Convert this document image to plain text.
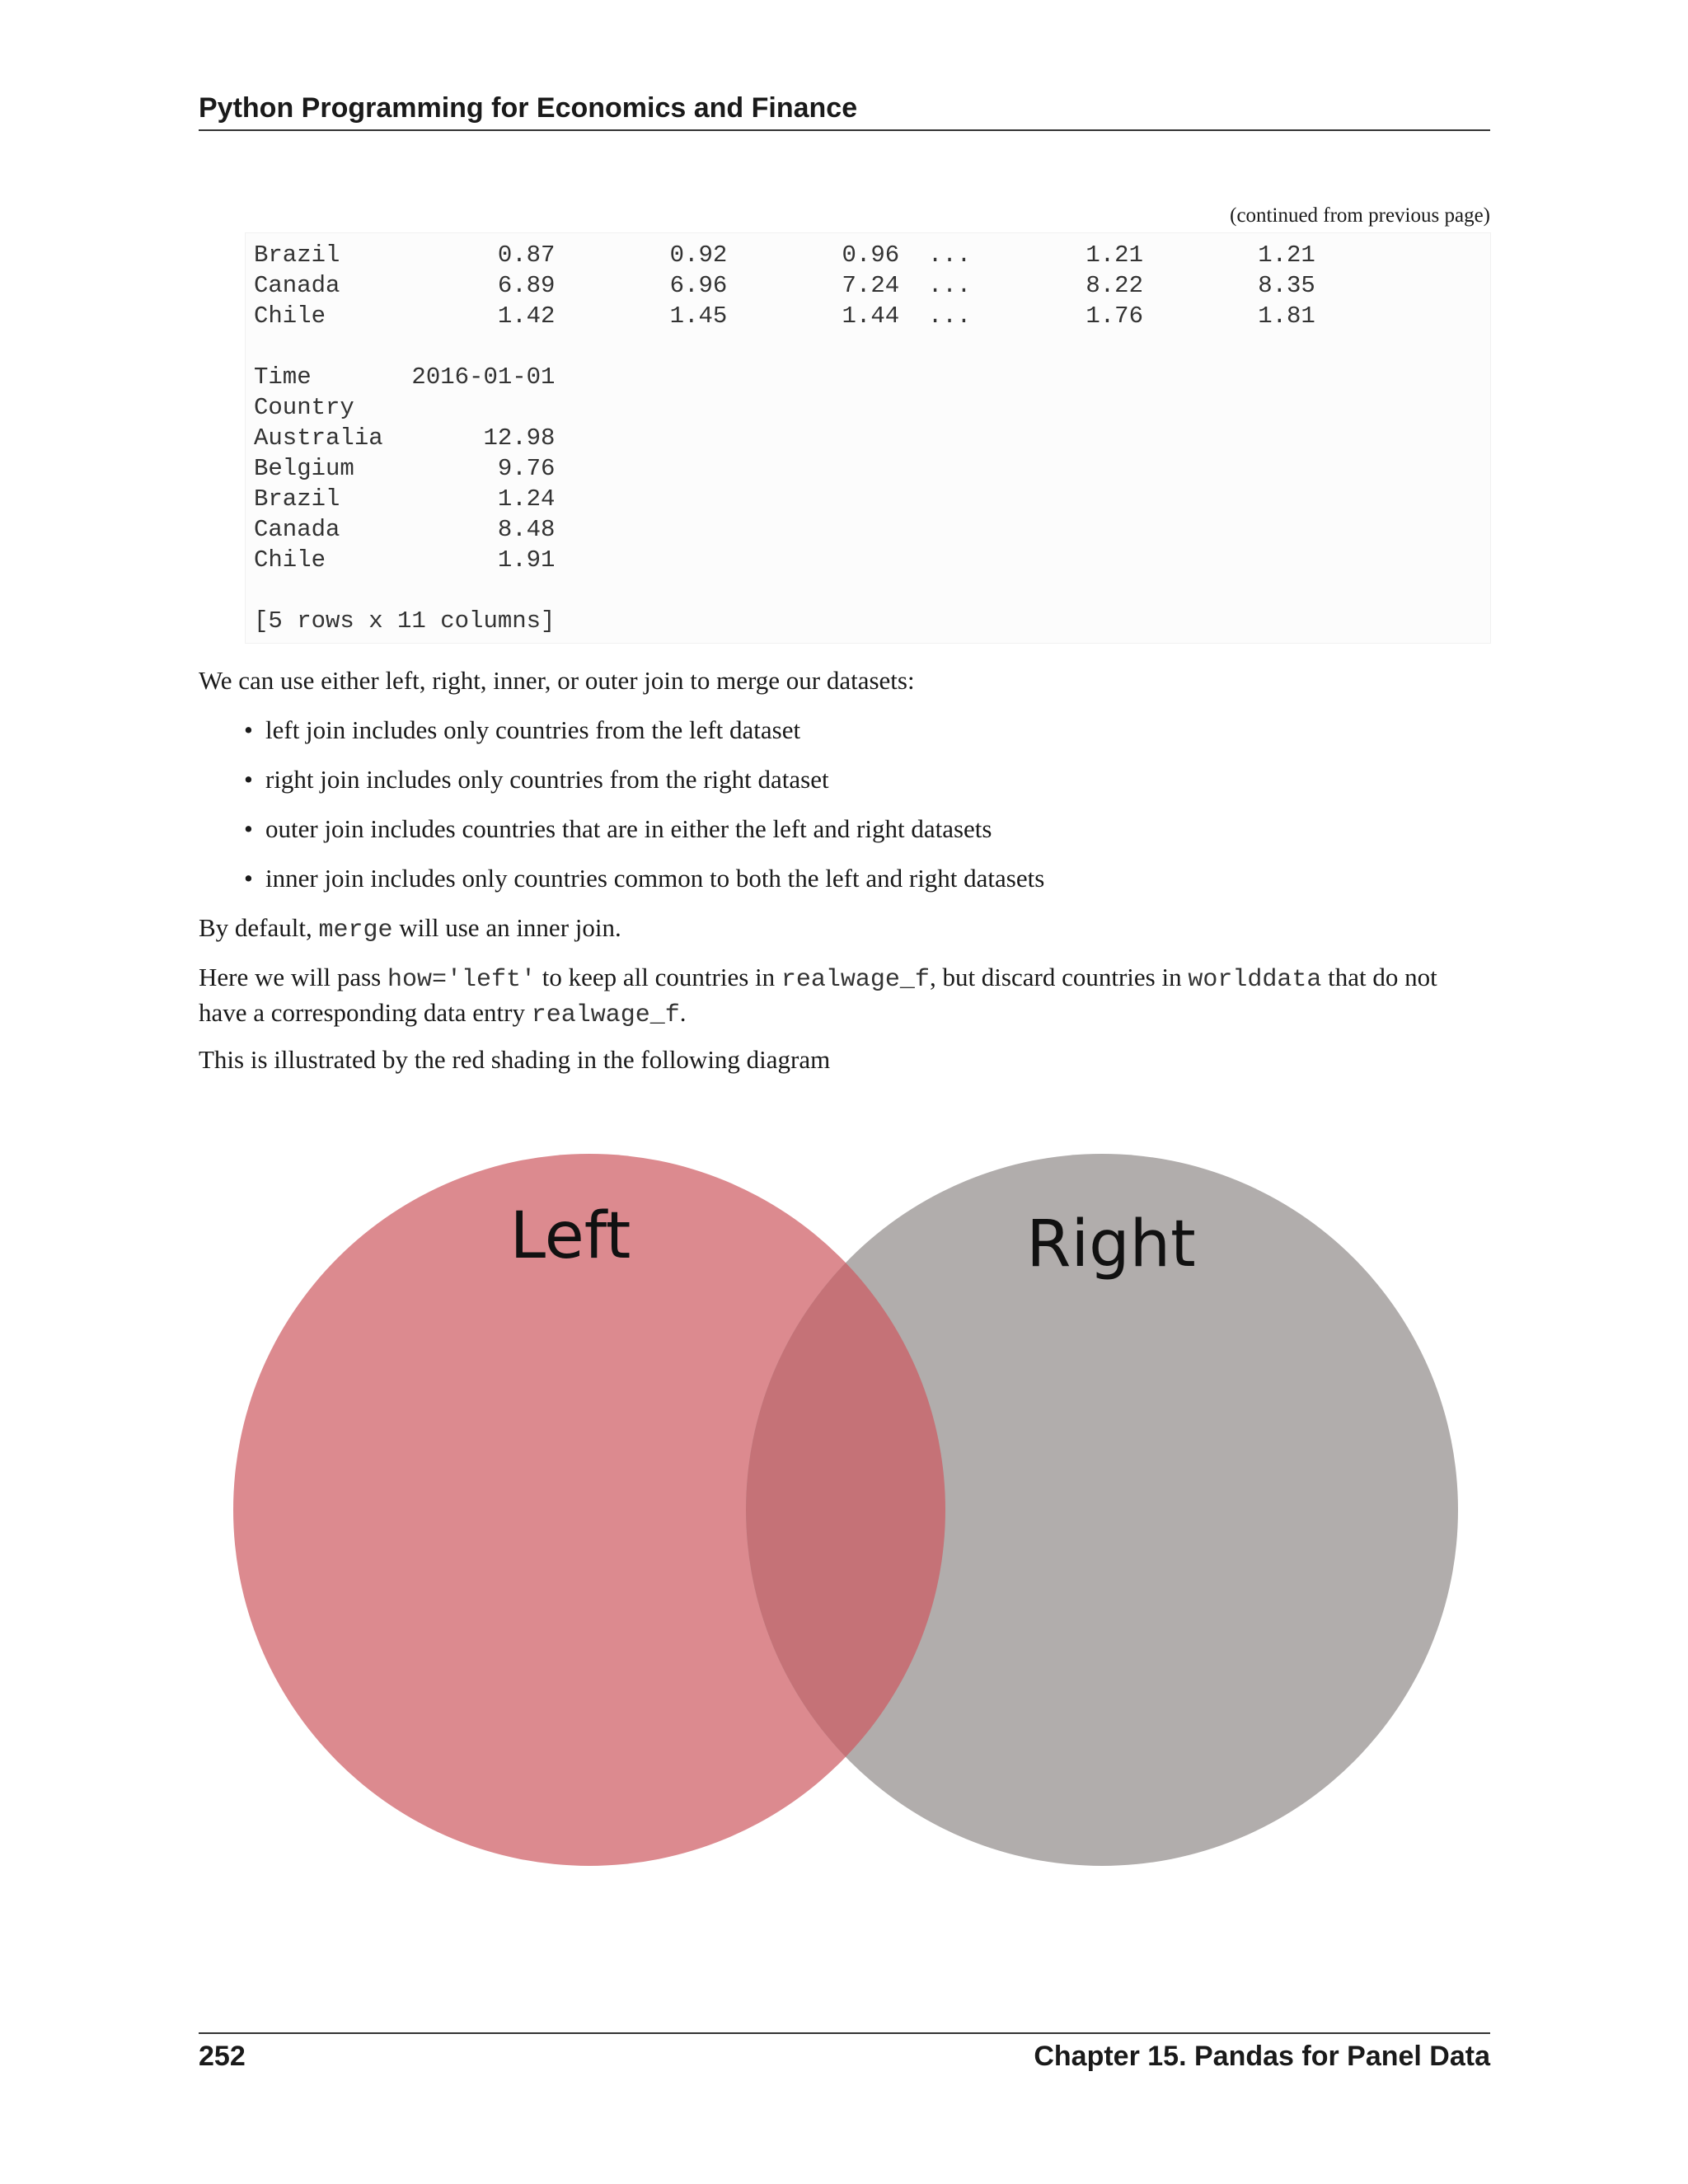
Python Programming for Economics and Finance
(continued from previous page)
Brazil           0.87        0.92        0.96  ...        1.21        1.21
Canada           6.89        6.96        7.24  ...        8.22        8.35
Chile            1.42        1.45        1.44  ...        1.76        1.81
Time       2016-01-01
Country
Australia       12.98
Belgium          9.76
Brazil           1.24
Canada           8.48
Chile            1.91
[5 rows x 11 columns]
We can use either left, right, inner, or outer join to merge our datasets:
• left join includes only countries from the left dataset
• right join includes only countries from the right dataset
• outer join includes countries that are in either the left and right datasets
• inner join includes only countries common to both the left and right datasets
By default, merge will use an inner join.
Here we will pass how='left' to keep all countries in realwage_f, but discard countries in worlddata that do not have a corresponding data entry realwage_f.
This is illustrated by the red shading in the following diagram
Left	Right
252	Chapter 15. Pandas for Panel Data
